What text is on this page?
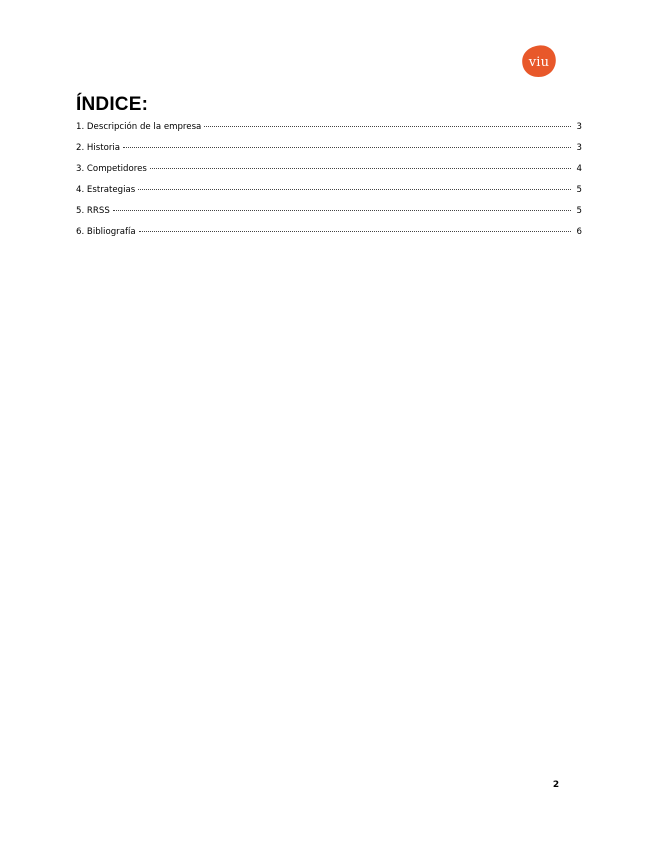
viu
ÍNDICE:
1. Descripción de la empresa	3
2. Historia	3
3. Competidores	4
4. Estrategias	5
5. RRSS	5
6. Bibliografía	6
2
